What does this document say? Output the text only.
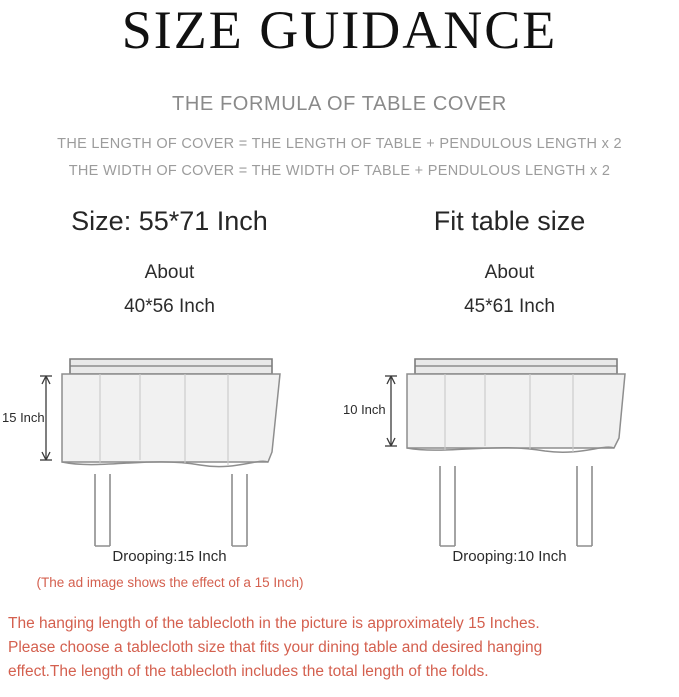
SIZE GUIDANCE
THE FORMULA OF TABLE COVER
THE LENGTH OF COVER = THE LENGTH OF TABLE + PENDULOUS LENGTH x 2
THE WIDTH OF COVER = THE WIDTH OF TABLE + PENDULOUS LENGTH x 2
Size: 55*71 Inch
About
40*56 Inch
15 Inch
Drooping:15 Inch
Fit table size
About
45*61 Inch
10 Inch
Drooping:10 Inch
(The ad image shows the effect of a 15 Inch)
The hanging length of the tablecloth in the picture is approximately 15 Inches.
Please choose a tablecloth size that fits your dining table and desired hanging
effect.The length of the tablecloth includes the total length of the folds.
